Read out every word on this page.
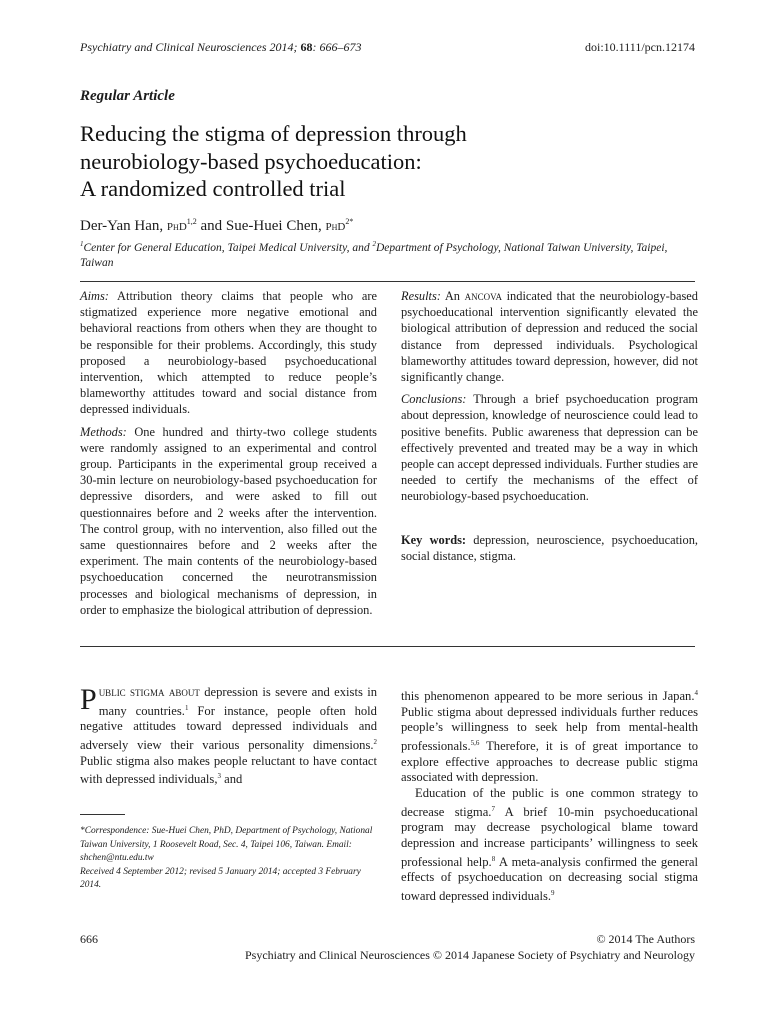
Psychiatry and Clinical Neurosciences 2014; 68: 666–673	doi:10.1111/pcn.12174
Regular Article
Reducing the stigma of depression through
neurobiology-based psychoeducation:
A randomized controlled trial
Der-Yan Han, PhD$^{1,2}$ and Sue-Huei Chen, PhD$^{2*}$
$^1$Center for General Education, Taipei Medical University, and $^2$Department of Psychology, National Taiwan University, Taipei, Taiwan

Aims: Attribution theory claims that people who are stigmatized experience more negative emotional and behavioral reactions from others when they are thought to be responsible for their problems. Accordingly, this study proposed a neurobiology-based psychoeducational intervention, which attempted to reduce people’s blameworthy attitudes toward and social distance from depressed individuals.

Methods: One hundred and thirty-two college students were randomly assigned to an experimental and control group. Participants in the experimental group received a 30-min lecture on neurobiology-based psychoeducation for depressive disorders, and were asked to fill out questionnaires before and 2 weeks after the intervention. The control group, with no intervention, also filled out the same questionnaires before and 2 weeks after the experiment. The main contents of the neurobiology-based psychoeducation concerned the neurotransmission processes and biological mechanisms of depression, in order to emphasize the biological attribution of depression.

Results: An ancova indicated that the neurobiology-based psychoeducational intervention significantly elevated the biological attribution of depression and reduced the social distance from depressed individuals. Psychological blameworthy attitudes toward depression, however, did not significantly change.

Conclusions: Through a brief psychoeducation program about depression, knowledge of neuroscience could lead to positive benefits. Public awareness that depression can be effectively prevented and treated may be a way in which people can accept depressed individuals. Further studies are needed to certify the mechanisms of the effect of neurobiology-based psychoeducation.

Key words: depression, neuroscience, psychoeducation, social distance, stigma.

Public stigma about depression is severe and exists in many countries.$^1$ For instance, people often hold negative attitudes toward depressed individuals and adversely view their various personality dimensions.$^2$ Public stigma also makes people reluctant to have contact with depressed individuals,$^3$ and

this phenomenon appeared to be more serious in Japan.$^4$ Public stigma about depressed individuals further reduces people’s willingness to seek help from mental-health professionals.$^{5,6}$ Therefore, it is of great importance to explore effective approaches to decrease public stigma associated with depression.

Education of the public is one common strategy to decrease stigma.$^7$ A brief 10-min psychoeducational program may decrease psychological blame toward depression and increase participants’ willingness to seek professional help.$^8$ A meta-analysis confirmed the general effects of psychoeducation on decreasing social stigma toward depressed individuals.$^9$

*Correspondence: Sue-Huei Chen, PhD, Department of Psychology, National Taiwan University, 1 Roosevelt Road, Sec. 4, Taipei 106, Taiwan. Email: shchen@ntu.edu.tw

Received 4 September 2012; revised 5 January 2014; accepted 3 February 2014.

666	© 2014 The Authors
Psychiatry and Clinical Neurosciences © 2014 Japanese Society of Psychiatry and Neurology
